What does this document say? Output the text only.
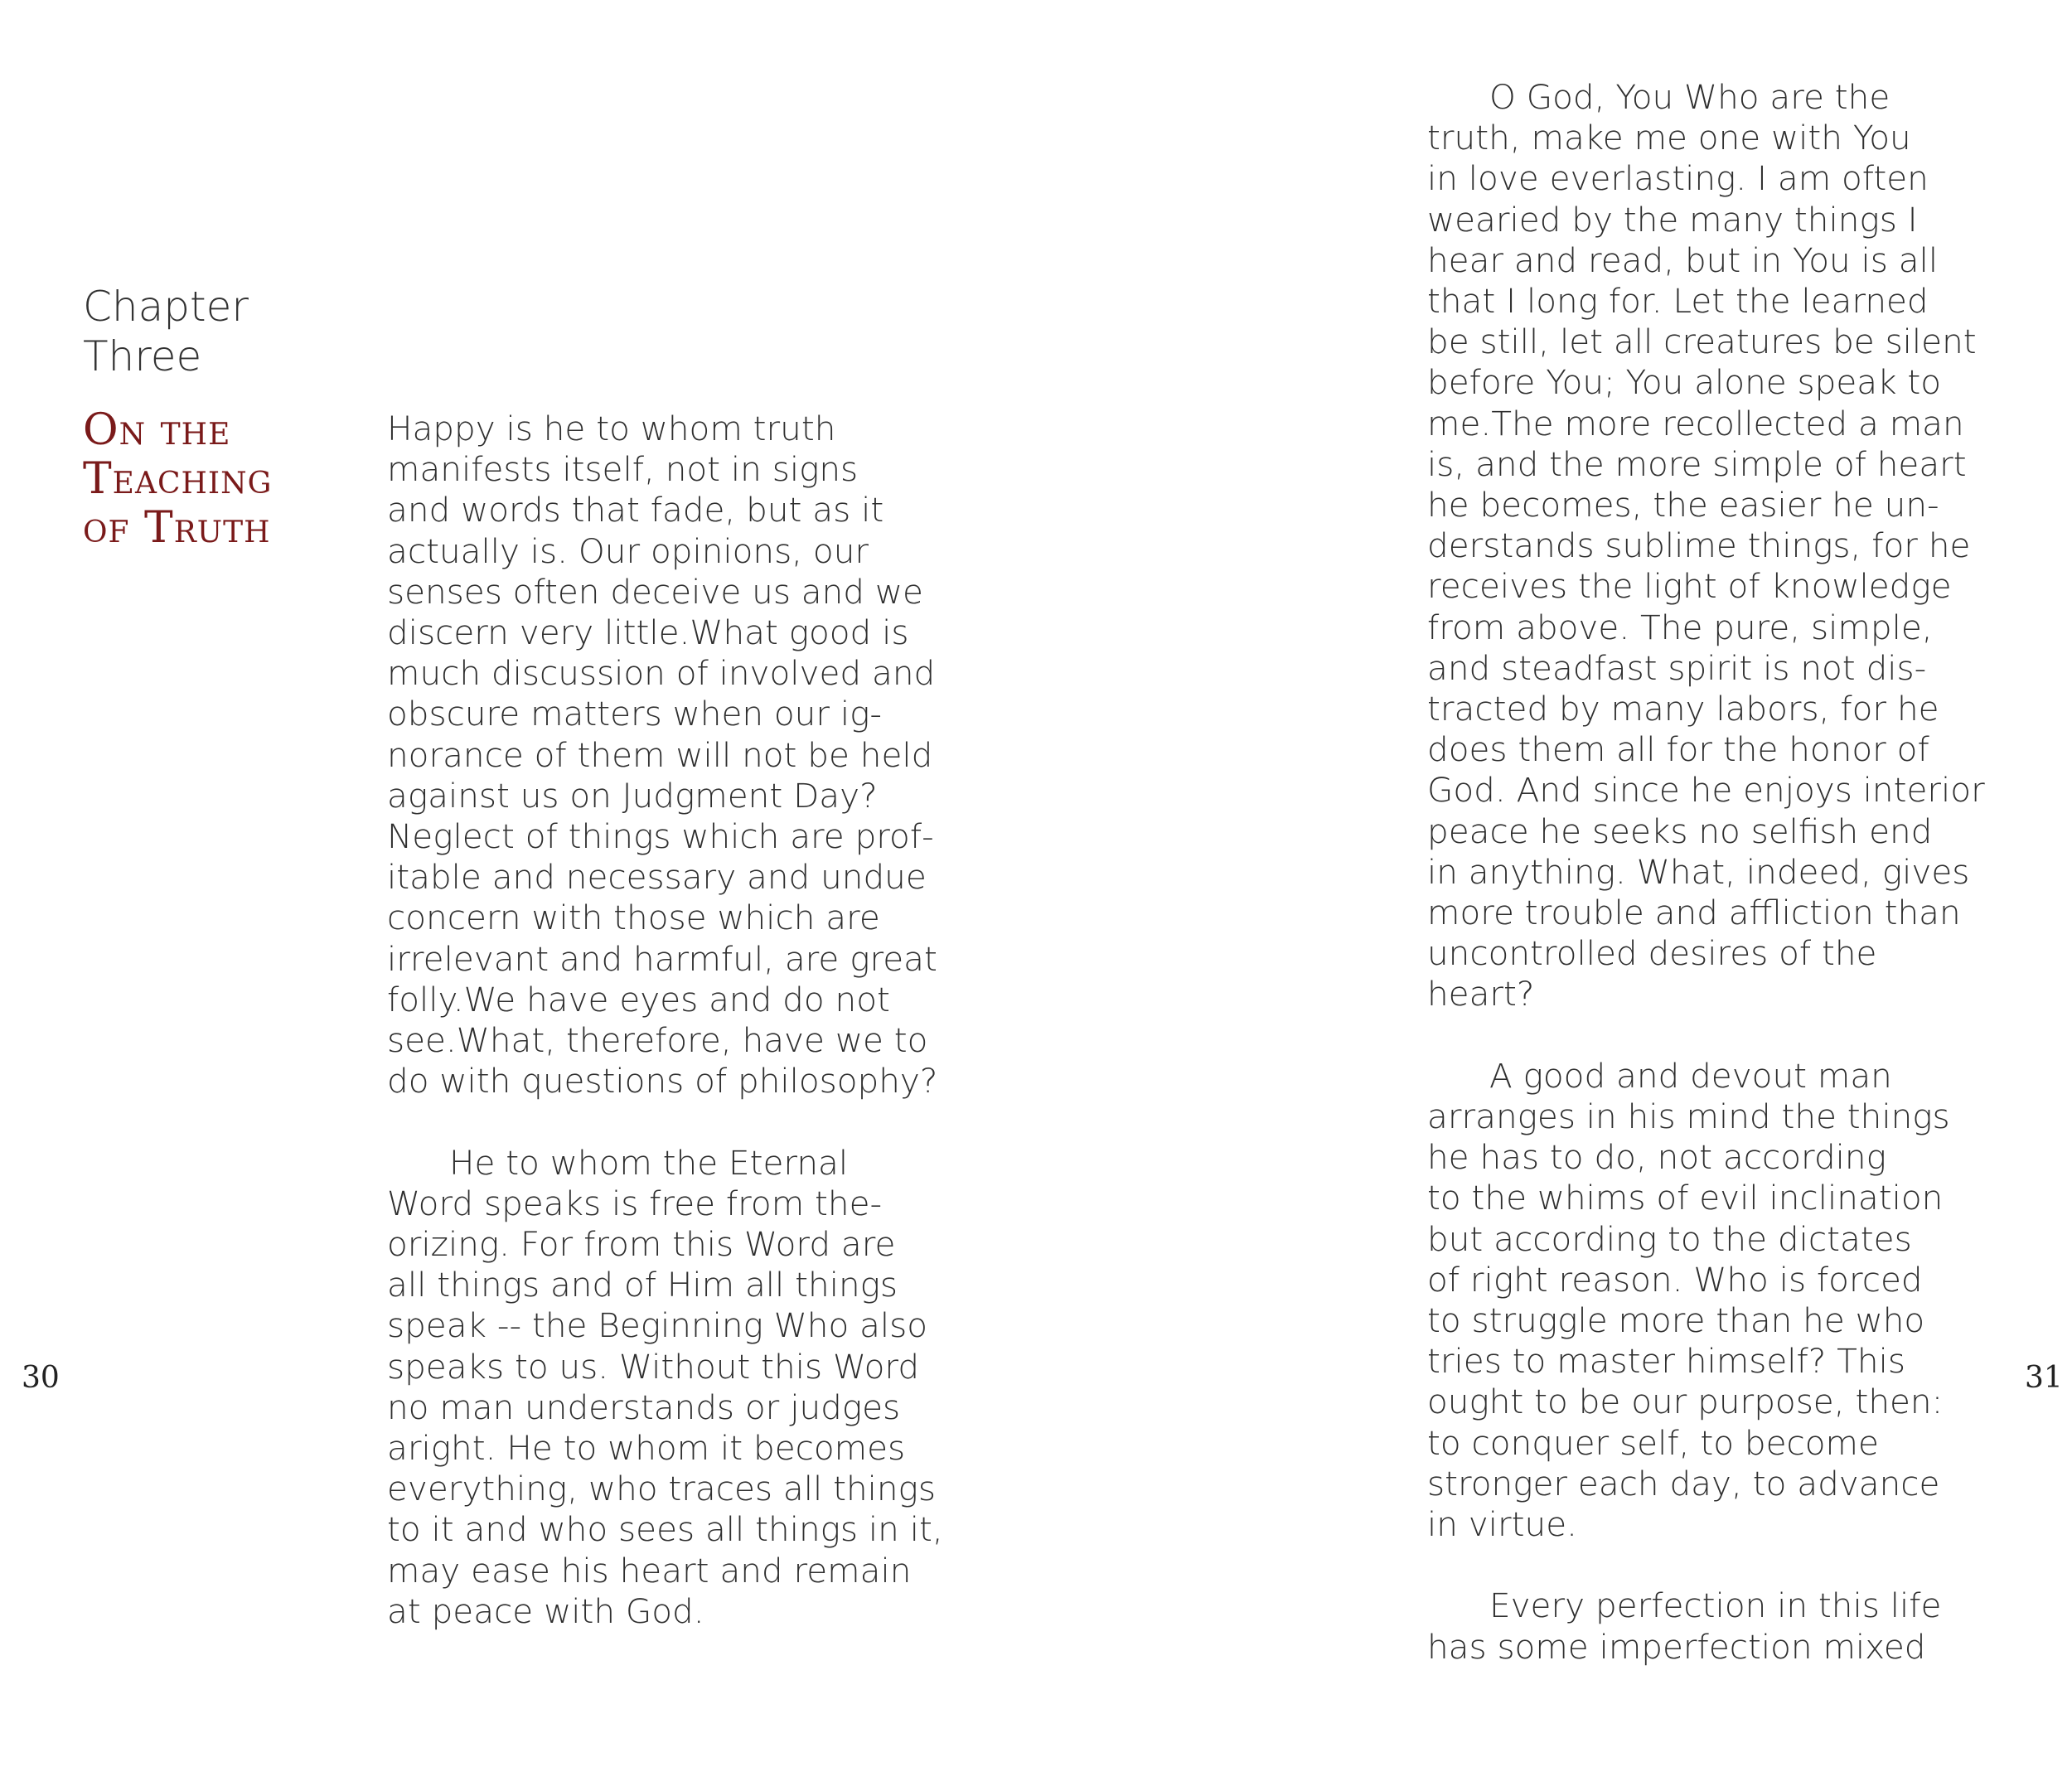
Chapter
Three
On the
Teaching
of Truth
Happy is he to whom truth
manifests itself, not in signs
and words that fade, but as it
actually is. Our opinions, our
senses often deceive us and we
discern very little.What good is
much discussion of involved and
obscure matters when our ig-
norance of them will not be held
against us on Judgment Day?
Neglect of things which are prof-
itable and necessary and undue
concern with those which are
irrelevant and harmful, are great
folly.We have eyes and do not
see.What, therefore, have we to
do with questions of philosophy?
He to whom the Eternal
Word speaks is free from the-
orizing. For from this Word are
all things and of Him all things
speak -- the Beginning Who also
speaks to us. Without this Word
no man understands or judges
aright. He to whom it becomes
everything, who traces all things
to it and who sees all things in it,
may ease his heart and remain
at peace with God.
30
O God, You Who are the
truth, make me one with You
in love everlasting. I am often
wearied by the many things I
hear and read, but in You is all
that I long for. Let the learned
be still, let all creatures be silent
before You; You alone speak to
me.The more recollected a man
is, and the more simple of heart
he becomes, the easier he un-
derstands sublime things, for he
receives the light of knowledge
from above. The pure, simple,
and steadfast spirit is not dis-
tracted by many labors, for he
does them all for the honor of
God. And since he enjoys interior
peace he seeks no selfish end
in anything. What, indeed, gives
more trouble and affliction than
uncontrolled desires of the
heart?
A good and devout man
arranges in his mind the things
he has to do, not according
to the whims of evil inclination
but according to the dictates
of right reason. Who is forced
to struggle more than he who
tries to master himself? This
ought to be our purpose, then:
to conquer self, to become
stronger each day, to advance
in virtue.
Every perfection in this life
has some imperfection mixed
31
